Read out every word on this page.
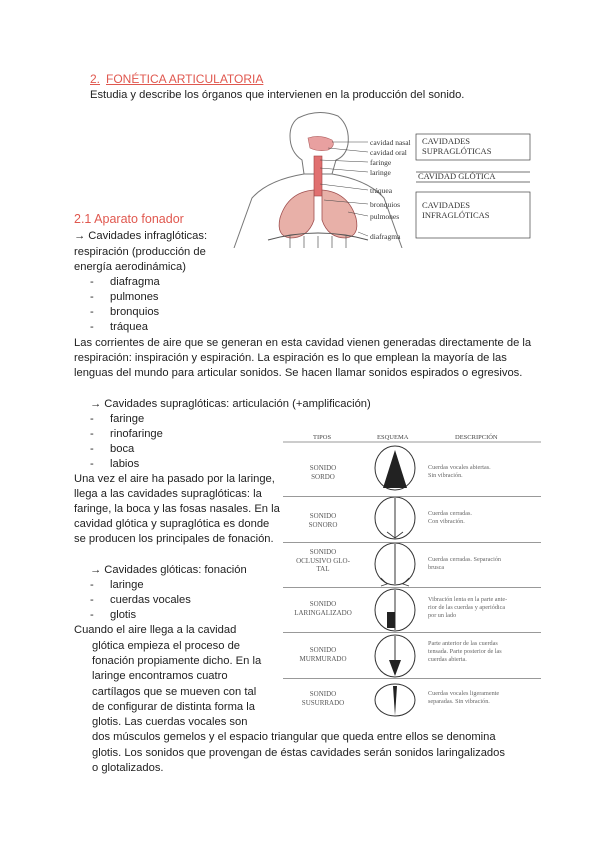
2. FONÉTICA ARTICULATORIA
Estudia y describe los órganos que intervienen en la producción del sonido.
cavidad nasal
cavidad oral
faringe
laringe
tráquea
bronquios
pulmones
diafragma
CAVIDADES
SUPRAGLÓTICAS
CAVIDAD GLÓTICA
CAVIDADES
INFRAGLÓTICAS
2.1 Aparato fonador
→ Cavidades infraglóticas:
respiración (producción de
energía aerodinámica)
- diafragma
- pulmones
- bronquios
- tráquea
Las corrientes de aire que se generan en esta cavidad vienen generadas directamente de la
respiración: inspiración y espiración. La espiración es lo que emplean la mayoría de las
lenguas del mundo para articular sonidos. Se hacen llamar sonidos espirados o egresivos.
→ Cavidades supraglóticas: articulación (+amplificación)
- faringe
- rinofaringe
- boca
- labios
Una vez el aire ha pasado por la laringe,
llega a las cavidades supraglóticas: la
faringe, la boca y las fosas nasales. En la
cavidad glótica y supraglótica es donde
se producen los principales de fonación.
→ Cavidades glóticas: fonación
- laringe
- cuerdas vocales
- glotis
Cuando el aire llega a la cavidad
glótica empieza el proceso de
fonación propiamente dicho. En la
laringe encontramos cuatro
cartílagos que se mueven con tal
de configurar de distinta forma la
glotis. Las cuerdas vocales son
dos músculos gemelos y el espacio triangular que queda entre ellos se denomina
glotis. Los sonidos que provengan de éstas cavidades serán sonidos laringalizados
o glotalizados.
TIPOS	ESQUEMA	DESCRIPCIÓN
SONIDO
SORDO
Cuerdas vocales abiertas.
Sin vibración.
SONIDO
SONORO
Cuerdas cerradas.
Con vibración.
SONIDO
OCLUSIVO GLO-
TAL
Cuerdas cerradas. Separación
brusca
SONIDO
LARINGALIZADO
Vibración lenta en la parte ante-
rior de las cuerdas y aperiódica
por un lado
SONIDO
MURMURADO
Parte anterior de las cuerdas
tensada. Parte posterior de las
cuerdas abierta.
SONIDO
SUSURRADO
Cuerdas vocales ligeramente
separadas. Sin vibración.
